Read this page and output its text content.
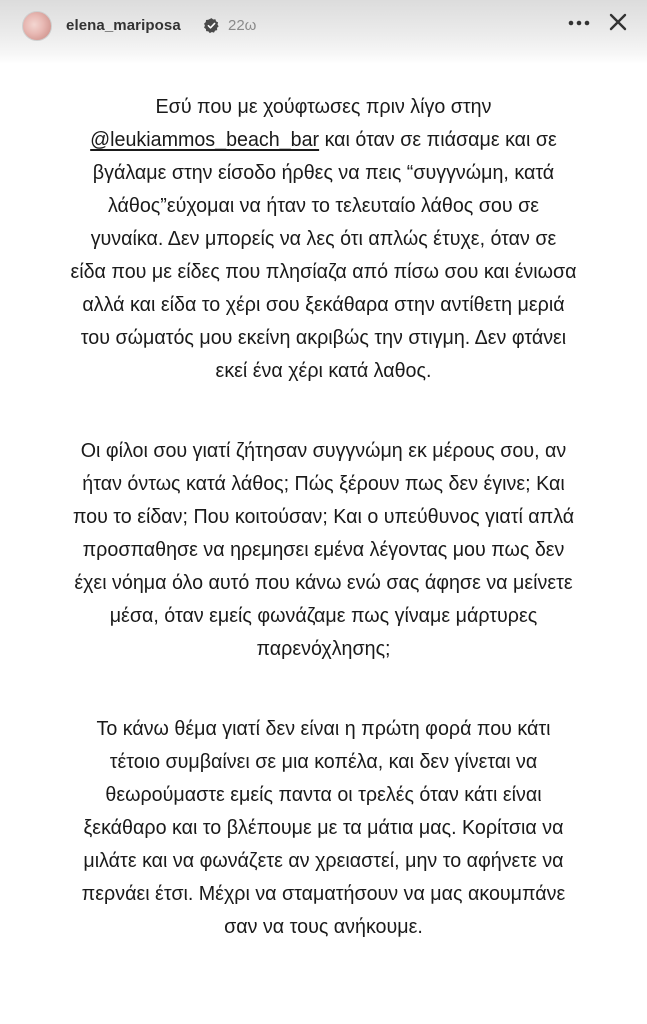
elena_mariposa	22ω

Εσύ που με χούφτωσες πριν λίγο στην
@leukiammos_beach_bar και όταν σε πιάσαμε και σε
βγάλαμε στην είσοδο ήρθες να πεις “συγγνώμη, κατά
λάθος”εύχομαι να ήταν το τελευταίο λάθος σου σε
γυναίκα. Δεν μπορείς να λες ότι απλώς έτυχε, όταν σε
είδα που με είδες που πλησίαζα από πίσω σου και ένιωσα
αλλά και είδα το χέρι σου ξεκάθαρα στην αντίθετη μεριά
του σώματός μου εκείνη ακριβώς την στιγμη. Δεν φτάνει
εκεί ένα χέρι κατά λαθος.

Οι φίλοι σου γιατί ζήτησαν συγγνώμη εκ μέρους σου, αν
ήταν όντως κατά λάθος; Πώς ξέρουν πως δεν έγινε; Και
που το είδαν; Που κοιτούσαν; Και ο υπεύθυνος γιατί απλά
προσπαθησε να ηρεμησει εμένα λέγοντας μου πως δεν
έχει νόημα όλο αυτό που κάνω ενώ σας άφησε να μείνετε
μέσα, όταν εμείς φωνάζαμε πως γίναμε μάρτυρες
παρενόχλησης;

Το κάνω θέμα γιατί δεν είναι η πρώτη φορά που κάτι
τέτοιο συμβαίνει σε μια κοπέλα, και δεν γίνεται να
θεωρούμαστε εμείς παντα οι τρελές όταν κάτι είναι
ξεκάθαρο και το βλέπουμε με τα μάτια μας. Κορίτσια να
μιλάτε και να φωνάζετε αν χρειαστεί, μην το αφήνετε να
περνάει έτσι. Μέχρι να σταματήσουν να μας ακουμπάνε
σαν να τους ανήκουμε.
